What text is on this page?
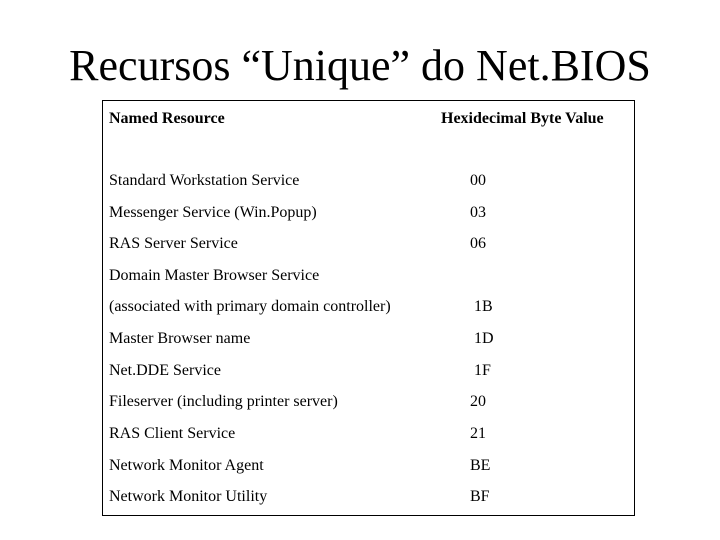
Recursos “Unique” do Net.BIOS
Named Resource	Hexidecimal Byte Value
Standard Workstation Service	00
Messenger Service (Win.Popup)	03
RAS Server Service	06
Domain Master Browser Service
(associated with primary domain controller)	1B
Master Browser name	1D
Net.DDE Service	1F
Fileserver (including printer server)	20
RAS Client Service	21
Network Monitor Agent	BE
Network Monitor Utility	BF
